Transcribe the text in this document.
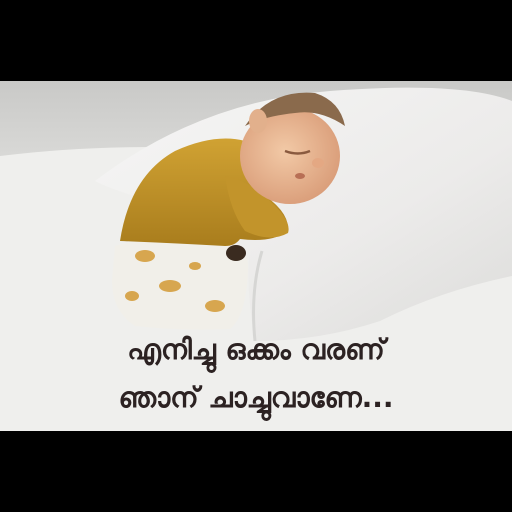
എനിച്ചു ഒക്കം വരണ്
ഞാന് ചാച്ചുവാണേ...
